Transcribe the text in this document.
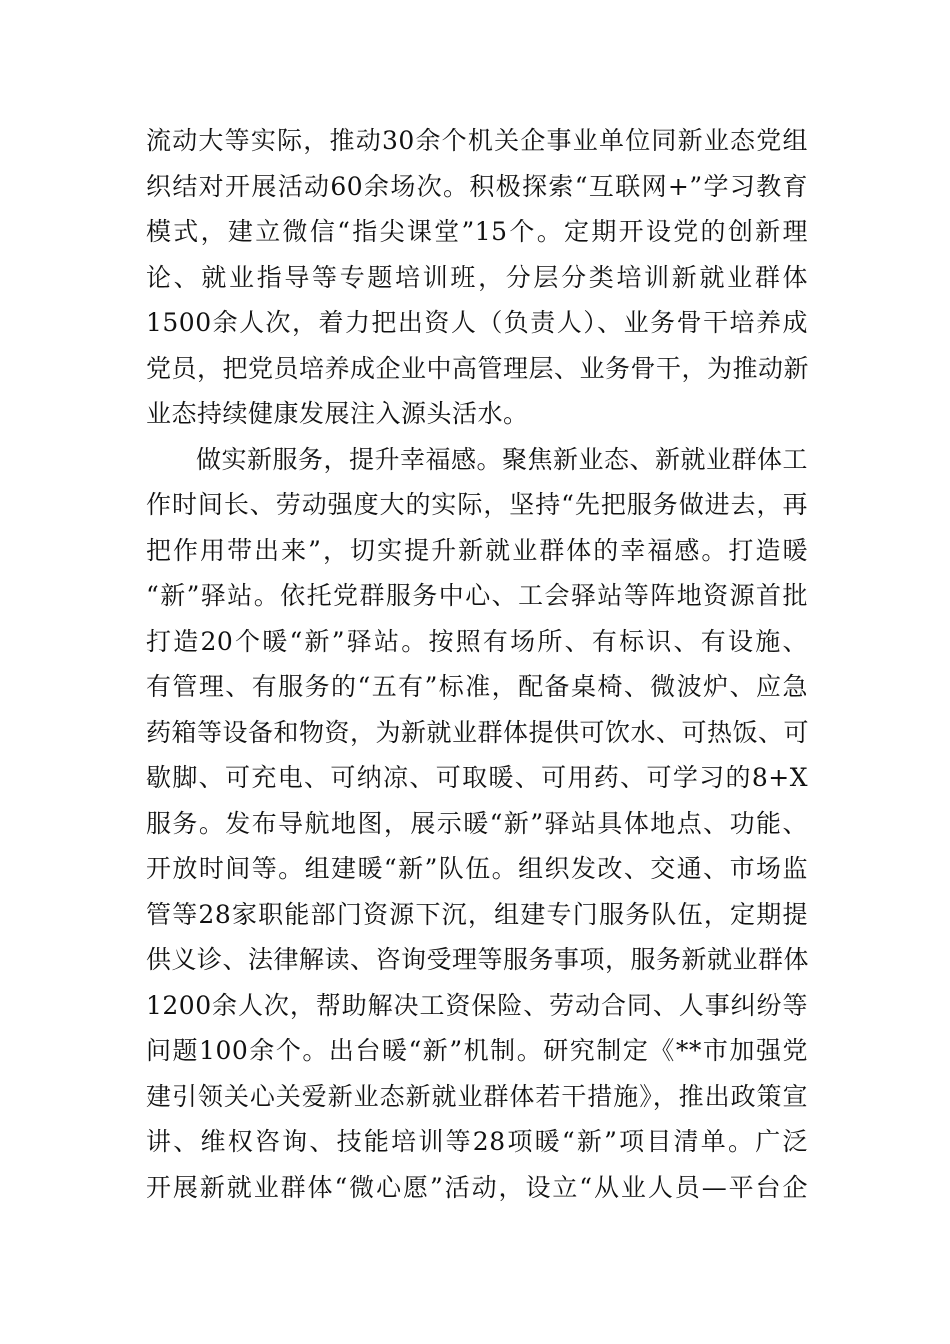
流动大等实际，推动30余个机关企事业单位同新业态党组
织结对开展活动60余场次。积极探索“互联网+”学习教育
模式，建立微信“指尖课堂”15个。定期开设党的创新理
论、就业指导等专题培训班，分层分类培训新就业群体
1500余人次，着力把出资人（负责人）、业务骨干培养成
党员，把党员培养成企业中高管理层、业务骨干，为推动新
业态持续健康发展注入源头活水。
做实新服务，提升幸福感。聚焦新业态、新就业群体工
作时间长、劳动强度大的实际，坚持“先把服务做进去，再
把作用带出来”，切实提升新就业群体的幸福感。打造暖
“新”驿站。依托党群服务中心、工会驿站等阵地资源首批
打造20个暖“新”驿站。按照有场所、有标识、有设施、
有管理、有服务的“五有”标准，配备桌椅、微波炉、应急
药箱等设备和物资，为新就业群体提供可饮水、可热饭、可
歇脚、可充电、可纳凉、可取暖、可用药、可学习的8+X
服务。发布导航地图，展示暖“新”驿站具体地点、功能、
开放时间等。组建暖“新”队伍。组织发改、交通、市场监
管等28家职能部门资源下沉，组建专门服务队伍，定期提
供义诊、法律解读、咨询受理等服务事项，服务新就业群体
1200余人次，帮助解决工资保险、劳动合同、人事纠纷等
问题100余个。出台暖“新”机制。研究制定《**市加强党
建引领关心关爱新业态新就业群体若干措施》，推出政策宣
讲、维权咨询、技能培训等28项暖“新”项目清单。广泛
开展新就业群体“微心愿”活动，设立“从业人员—平台企
